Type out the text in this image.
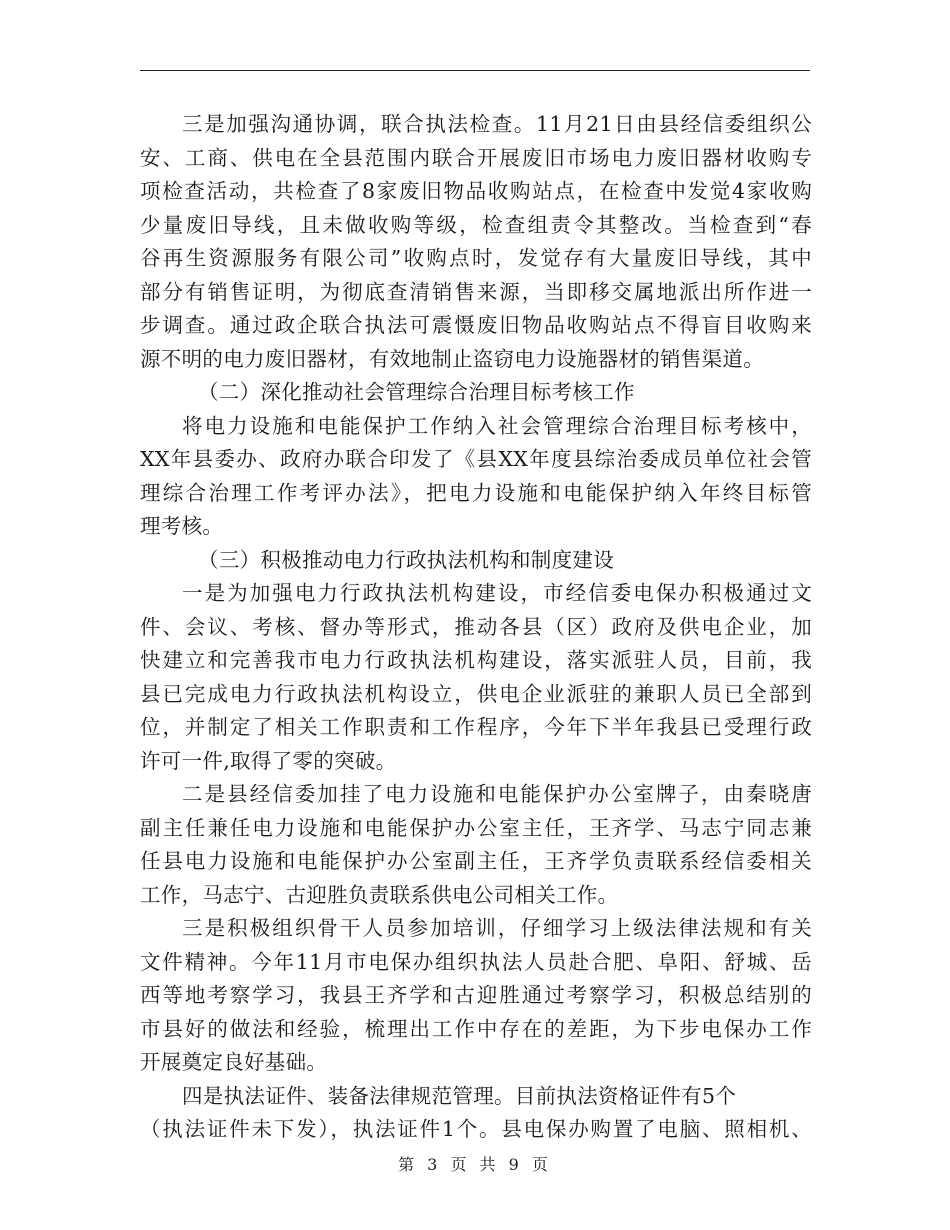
三是加强沟通协调，联合执法检查。11月21日由县经信委组织公
安、工商、供电在全县范围内联合开展废旧市场电力废旧器材收购专
项检查活动，共检查了8家废旧物品收购站点，在检查中发觉4家收购
少量废旧导线，且未做收购等级，检查组责令其整改。当检查到“春
谷再生资源服务有限公司”收购点时，发觉存有大量废旧导线，其中
部分有销售证明，为彻底查清销售来源，当即移交属地派出所作进一
步调查。通过政企联合执法可震慑废旧物品收购站点不得盲目收购来
源不明的电力废旧器材，有效地制止盗窃电力设施器材的销售渠道。
（二）深化推动社会管理综合治理目标考核工作
将电力设施和电能保护工作纳入社会管理综合治理目标考核中，
XX年县委办、政府办联合印发了《县XX年度县综治委成员单位社会管
理综合治理工作考评办法》，把电力设施和电能保护纳入年终目标管
理考核。
（三）积极推动电力行政执法机构和制度建设
一是为加强电力行政执法机构建设，市经信委电保办积极通过文
件、会议、考核、督办等形式，推动各县（区）政府及供电企业，加
快建立和完善我市电力行政执法机构建设，落实派驻人员，目前，我
县已完成电力行政执法机构设立，供电企业派驻的兼职人员已全部到
位，并制定了相关工作职责和工作程序，今年下半年我县已受理行政
许可一件,取得了零的突破。
二是县经信委加挂了电力设施和电能保护办公室牌子，由秦晓唐
副主任兼任电力设施和电能保护办公室主任，王齐学、马志宁同志兼
任县电力设施和电能保护办公室副主任，王齐学负责联系经信委相关
工作，马志宁、古迎胜负责联系供电公司相关工作。
三是积极组织骨干人员参加培训，仔细学习上级法律法规和有关
文件精神。今年11月市电保办组织执法人员赴合肥、阜阳、舒城、岳
西等地考察学习，我县王齐学和古迎胜通过考察学习，积极总结别的
市县好的做法和经验，梳理出工作中存在的差距，为下步电保办工作
开展奠定良好基础。
四是执法证件、装备法律规范管理。目前执法资格证件有5个
（执法证件未下发），执法证件1个。县电保办购置了电脑、照相机、
第 3 页 共 9 页
